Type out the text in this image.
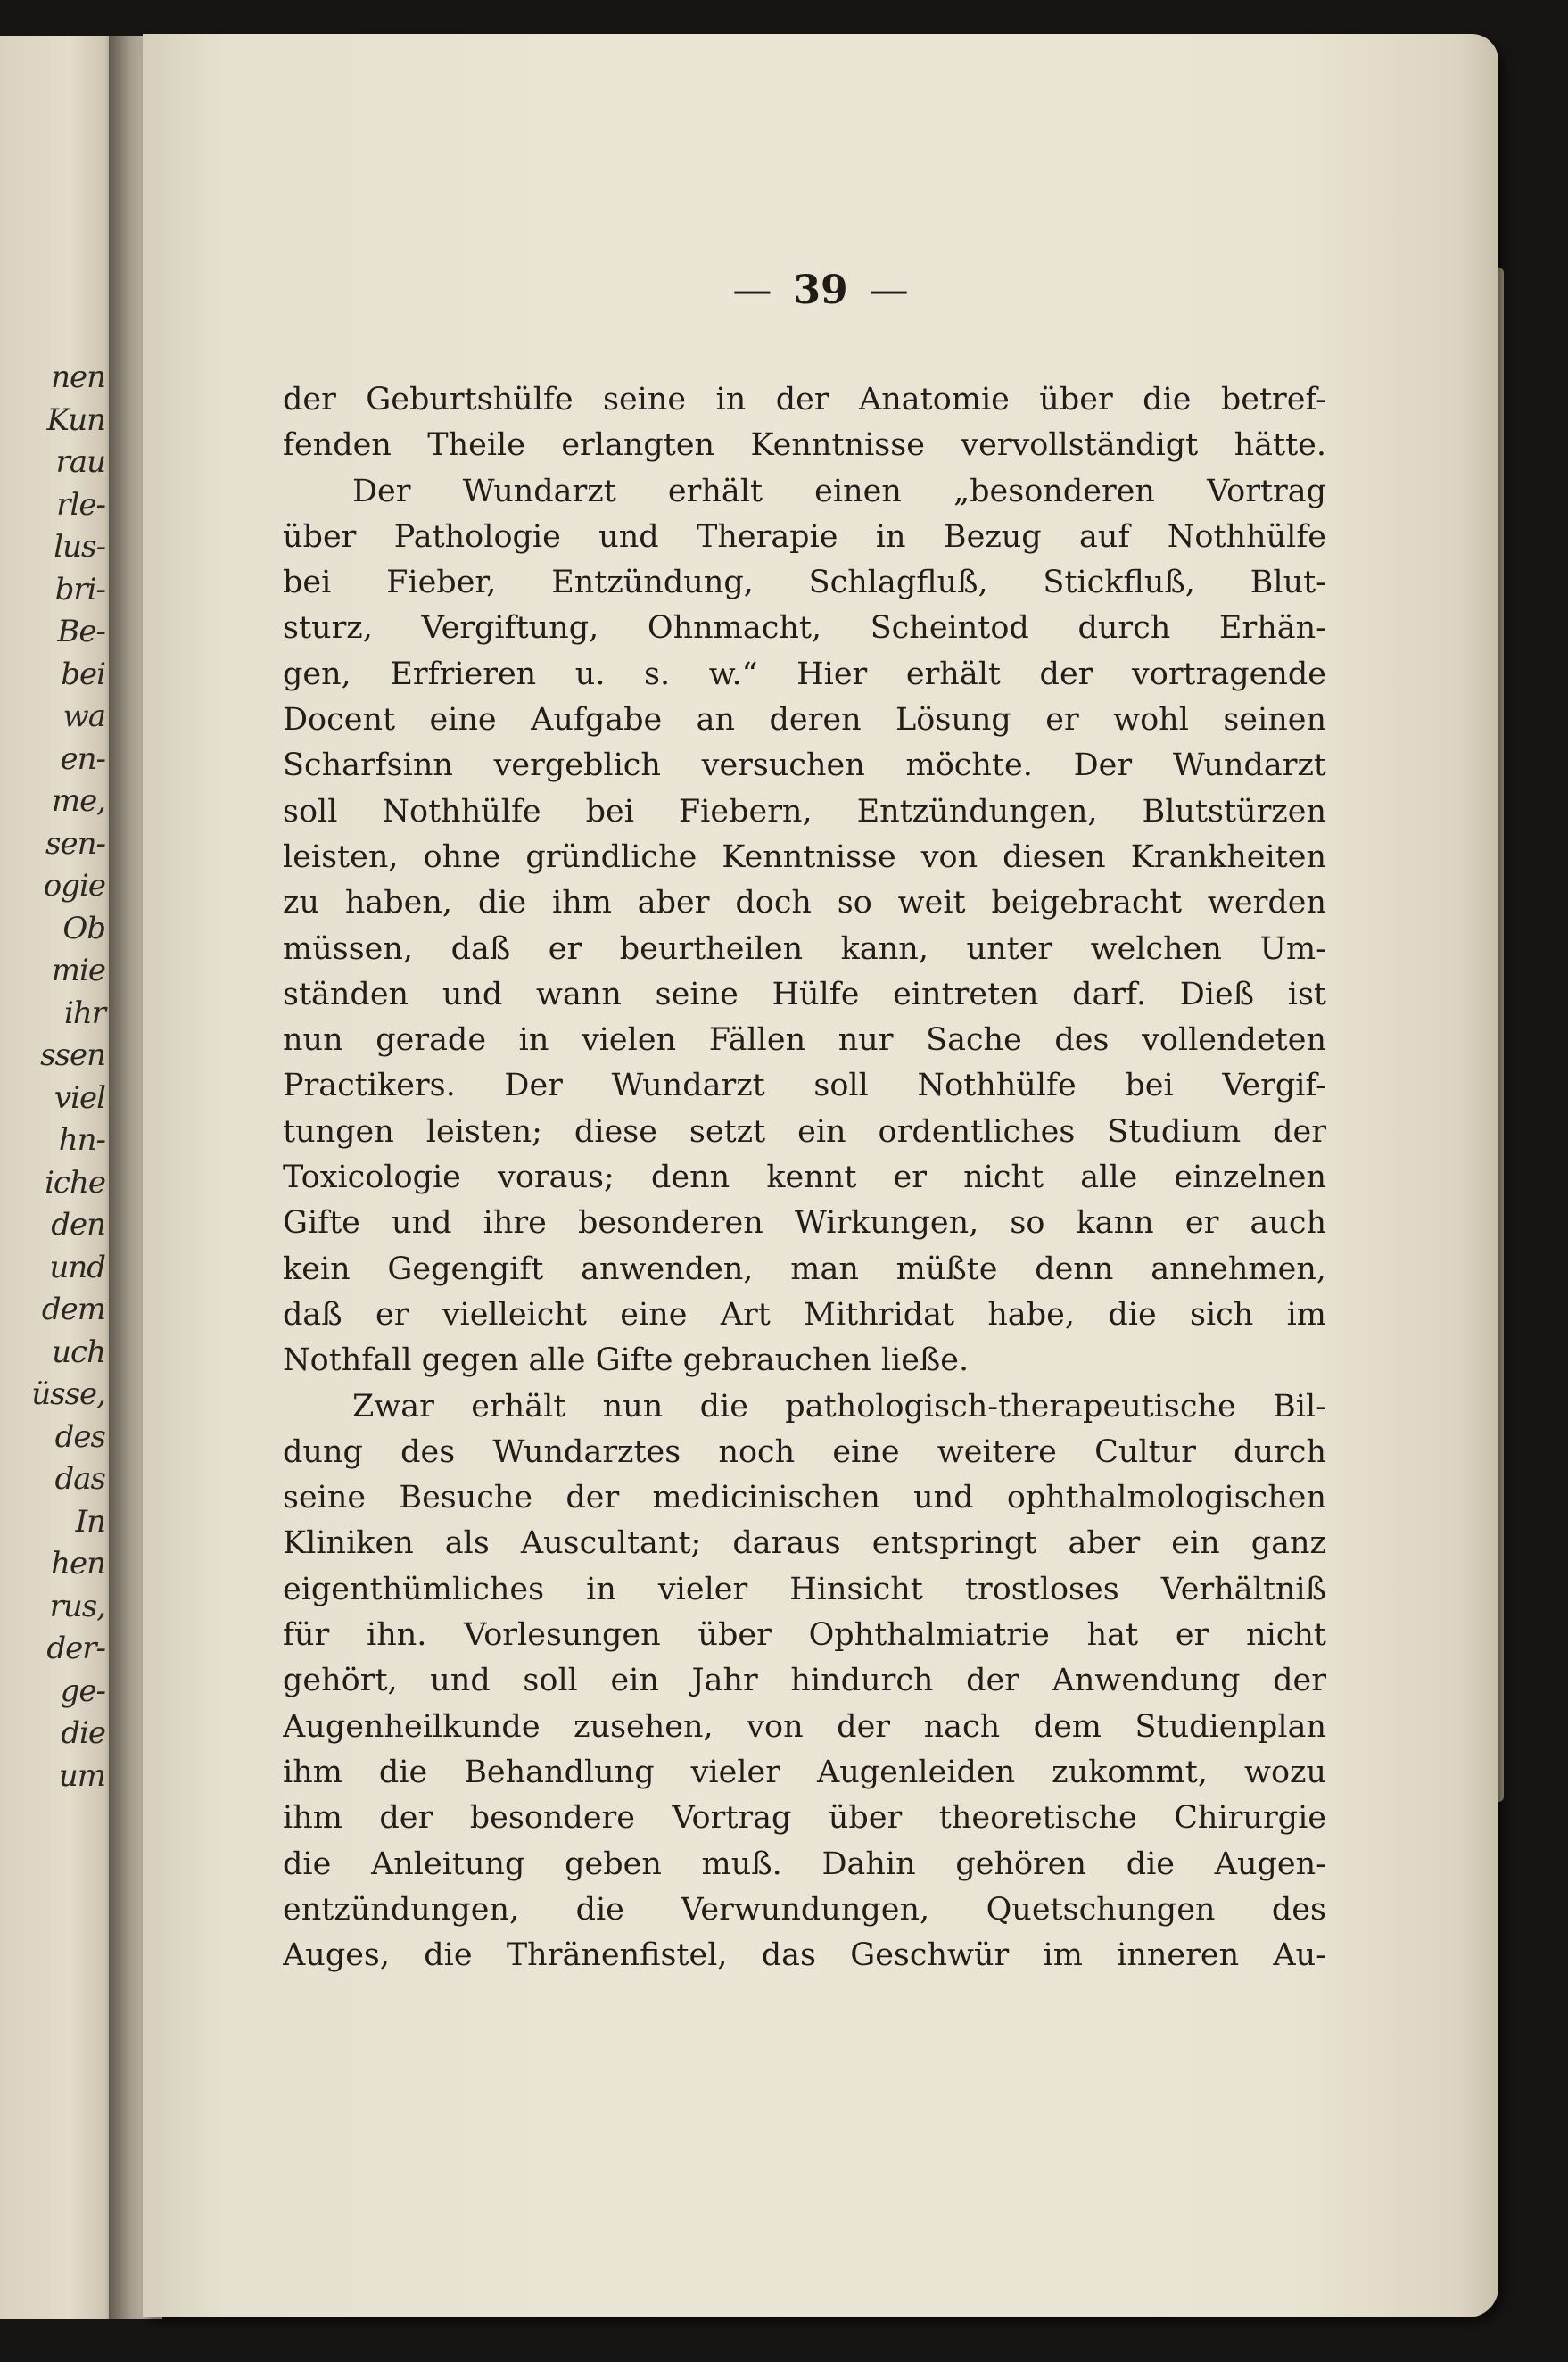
nen
Kun
rau
rle-
lus-
bri-
Be-
bei
wa
en-
me,
sen-
ogie
Ob
mie
ihr
ssen
viel
hn-
iche
den
und
dem
uch
üsse,
des
das
In
hen
rus,
der-
ge-
die
um
— 39 —
der Geburtshülfe seine in der Anatomie über die betref-
fenden Theile erlangten Kenntnisse vervollständigt hätte.
Der Wundarzt erhält einen „besonderen Vortrag
über Pathologie und Therapie in Bezug auf Nothhülfe
bei Fieber, Entzündung, Schlagfluß, Stickfluß, Blut-
sturz, Vergiftung, Ohnmacht, Scheintod durch Erhän-
gen, Erfrieren u. s. w.“ Hier erhält der vortragende
Docent eine Aufgabe an deren Lösung er wohl seinen
Scharfsinn vergeblich versuchen möchte. Der Wundarzt
soll Nothhülfe bei Fiebern, Entzündungen, Blutstürzen
leisten, ohne gründliche Kenntnisse von diesen Krankheiten
zu haben, die ihm aber doch so weit beigebracht werden
müssen, daß er beurtheilen kann, unter welchen Um-
ständen und wann seine Hülfe eintreten darf. Dieß ist
nun gerade in vielen Fällen nur Sache des vollendeten
Practikers. Der Wundarzt soll Nothhülfe bei Vergif-
tungen leisten; diese setzt ein ordentliches Studium der
Toxicologie voraus; denn kennt er nicht alle einzelnen
Gifte und ihre besonderen Wirkungen, so kann er auch
kein Gegengift anwenden, man müßte denn annehmen,
daß er vielleicht eine Art Mithridat habe, die sich im
Nothfall gegen alle Gifte gebrauchen ließe.
Zwar erhält nun die pathologisch-therapeutische Bil-
dung des Wundarztes noch eine weitere Cultur durch
seine Besuche der medicinischen und ophthalmologischen
Kliniken als Auscultant; daraus entspringt aber ein ganz
eigenthümliches in vieler Hinsicht trostloses Verhältniß
für ihn. Vorlesungen über Ophthalmiatrie hat er nicht
gehört, und soll ein Jahr hindurch der Anwendung der
Augenheilkunde zusehen, von der nach dem Studienplan
ihm die Behandlung vieler Augenleiden zukommt, wozu
ihm der besondere Vortrag über theoretische Chirurgie
die Anleitung geben muß. Dahin gehören die Augen-
entzündungen, die Verwundungen, Quetschungen des
Auges, die Thränenfistel, das Geschwür im inneren Au-
